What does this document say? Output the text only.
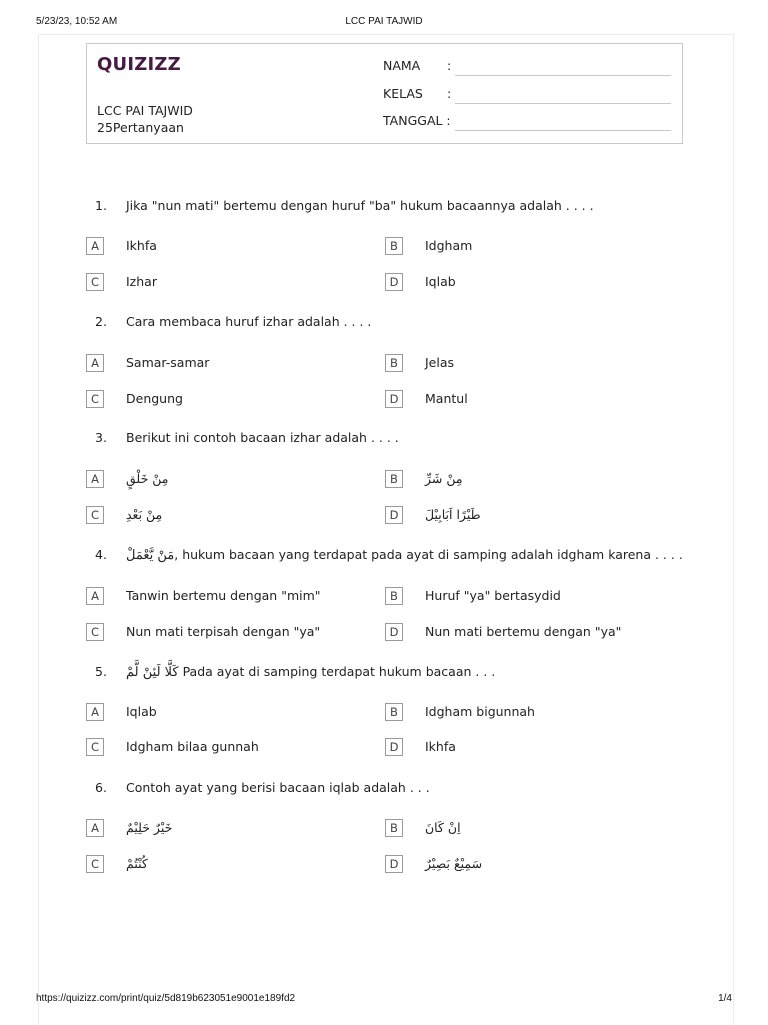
5/23/23, 10:52 AM	LCC PAI TAJWID
QUIZIZZ
LCC PAI TAJWID
25Pertanyaan
NAMA :
KELAS :
TANGGAL :
1. Jika "nun mati" bertemu dengan huruf "ba" hukum bacaannya adalah . . . .
A	Ikhfa	B	Idgham
C	Izhar	D	Iqlab
2. Cara membaca huruf izhar adalah . . . .
A	Samar-samar	B	Jelas
C	Dengung	D	Mantul
3. Berikut ini contoh bacaan izhar adalah . . . .
A	مِنْ خَلْقٍ	B	مِنْ شَرِّ
C	مِنْ بَعْدِ	D	طَيْرًا اَبَابِيْلَ
4. مَنْ يَّعْمَلْ, hukum bacaan yang terdapat pada ayat di samping adalah idgham karena . . . .
A	Tanwin bertemu dengan "mim"	B	Huruf "ya" bertasydid
C	Nun mati terpisah dengan "ya"	D	Nun mati bertemu dengan "ya"
5. كَلَّا لَئِنْ لَّمْ Pada ayat di samping terdapat hukum bacaan . . .
A	Iqlab	B	Idgham bigunnah
C	Idgham bilaa gunnah	D	Ikhfa
6. Contoh ayat yang berisi bacaan iqlab adalah . . .
A	خَيْرٌ حَلِيْمٌ	B	اِنْ كَانَ
C	كُنْتُمْ	D	سَمِيْعٌ بَصِيْرٌ
https://quizizz.com/print/quiz/5d819b623051e9001e189fd2	1/4
